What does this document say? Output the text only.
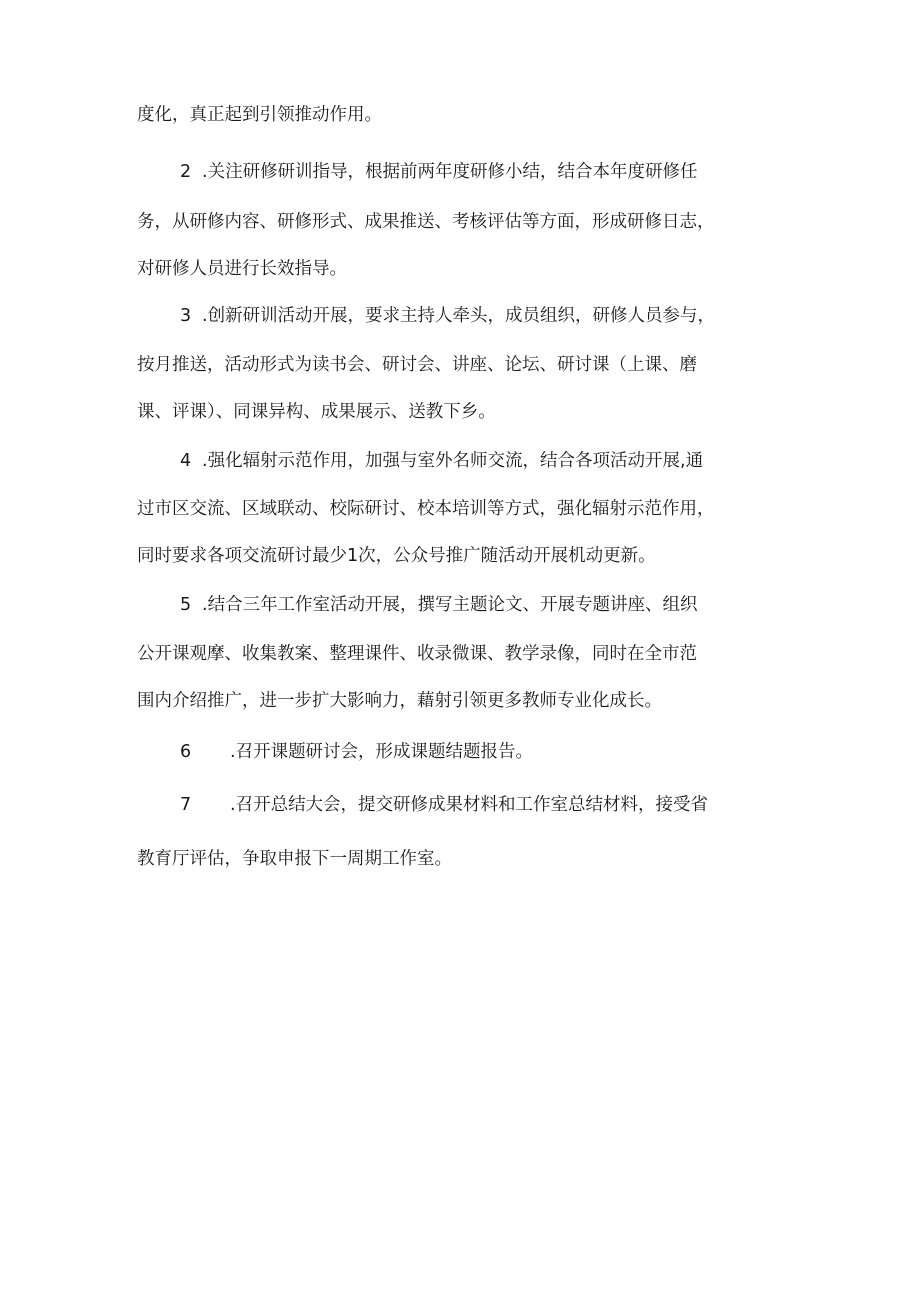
度化，真正起到引领推动作用。

2 .关注研修研训指导，根据前两年度研修小结，结合本年度研修任

务，从研修内容、研修形式、成果推送、考核评估等方面，形成研修日志，

对研修人员进行长效指导。

3 .创新研训活动开展，要求主持人牵头，成员组织，研修人员参与，

按月推送，活动形式为读书会、研讨会、讲座、论坛、研讨课（上课、磨

课、评课）、同课异构、成果展示、送教下乡。

4 .强化辐射示范作用，加强与室外名师交流，结合各项活动开展,通

过市区交流、区域联动、校际研讨、校本培训等方式，强化辐射示范作用，

同时要求各项交流研讨最少1次，公众号推广随活动开展机动更新。

5 .结合三年工作室活动开展，撰写主题论文、开展专题讲座、组织

公开课观摩、收集教案、整理课件、收录微课、教学录像，同时在全市范

围内介绍推广，进一步扩大影响力，藉射引领更多教师专业化成长。

6 .召开课题研讨会，形成课题结题报告。

7 .召开总结大会，提交研修成果材料和工作室总结材料，接受省

教育厅评估，争取申报下一周期工作室。
